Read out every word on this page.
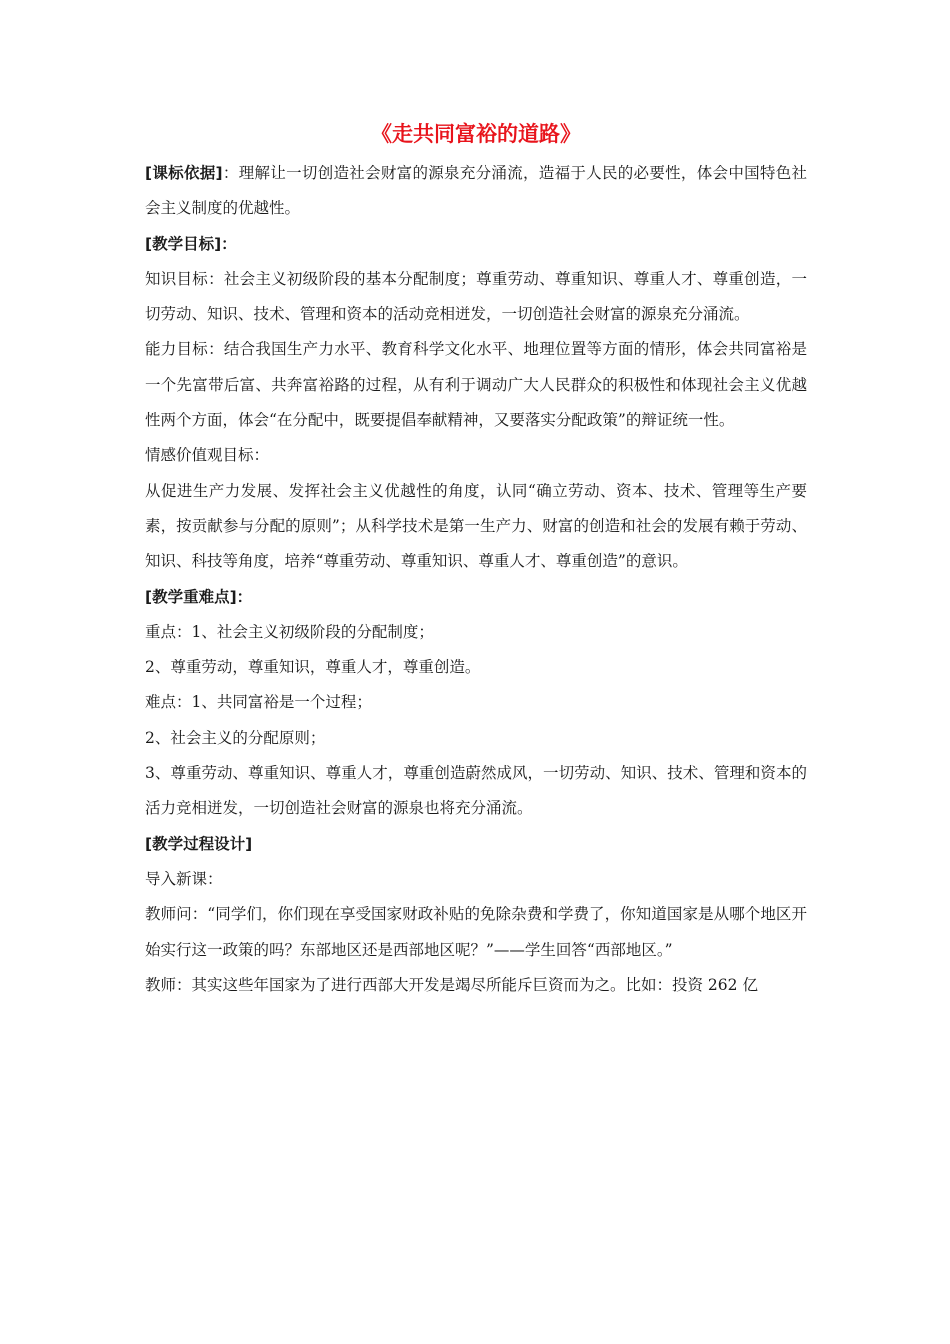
《走共同富裕的道路》

[课标依据]：理解让一切创造社会财富的源泉充分涌流，造福于人民的必要性，体会中国特色社会主义制度的优越性。

[教学目标]：

知识目标：社会主义初级阶段的基本分配制度；尊重劳动、尊重知识、尊重人才、尊重创造，一切劳动、知识、技术、管理和资本的活动竞相迸发，一切创造社会财富的源泉充分涌流。

能力目标：结合我国生产力水平、教育科学文化水平、地理位置等方面的情形，体会共同富裕是一个先富带后富、共奔富裕路的过程，从有利于调动广大人民群众的积极性和体现社会主义优越性两个方面，体会“在分配中，既要提倡奉献精神，又要落实分配政策”的辩证统一性。

情感价值观目标：

从促进生产力发展、发挥社会主义优越性的角度，认同“确立劳动、资本、技术、管理等生产要素，按贡献参与分配的原则”；从科学技术是第一生产力、财富的创造和社会的发展有赖于劳动、知识、科技等角度，培养“尊重劳动、尊重知识、尊重人才、尊重创造”的意识。

[教学重难点]：

重点：1、社会主义初级阶段的分配制度；

2、尊重劳动，尊重知识，尊重人才，尊重创造。

难点：1、共同富裕是一个过程；

2、社会主义的分配原则；

3、尊重劳动、尊重知识、尊重人才，尊重创造蔚然成风，一切劳动、知识、技术、管理和资本的活力竞相迸发，一切创造社会财富的源泉也将充分涌流。

[教学过程设计]

导入新课：

教师问：“同学们，你们现在享受国家财政补贴的免除杂费和学费了，你知道国家是从哪个地区开始实行这一政策的吗？东部地区还是西部地区呢？”——学生回答“西部地区。”

教师：其实这些年国家为了进行西部大开发是竭尽所能斥巨资而为之。比如：投资 262 亿
